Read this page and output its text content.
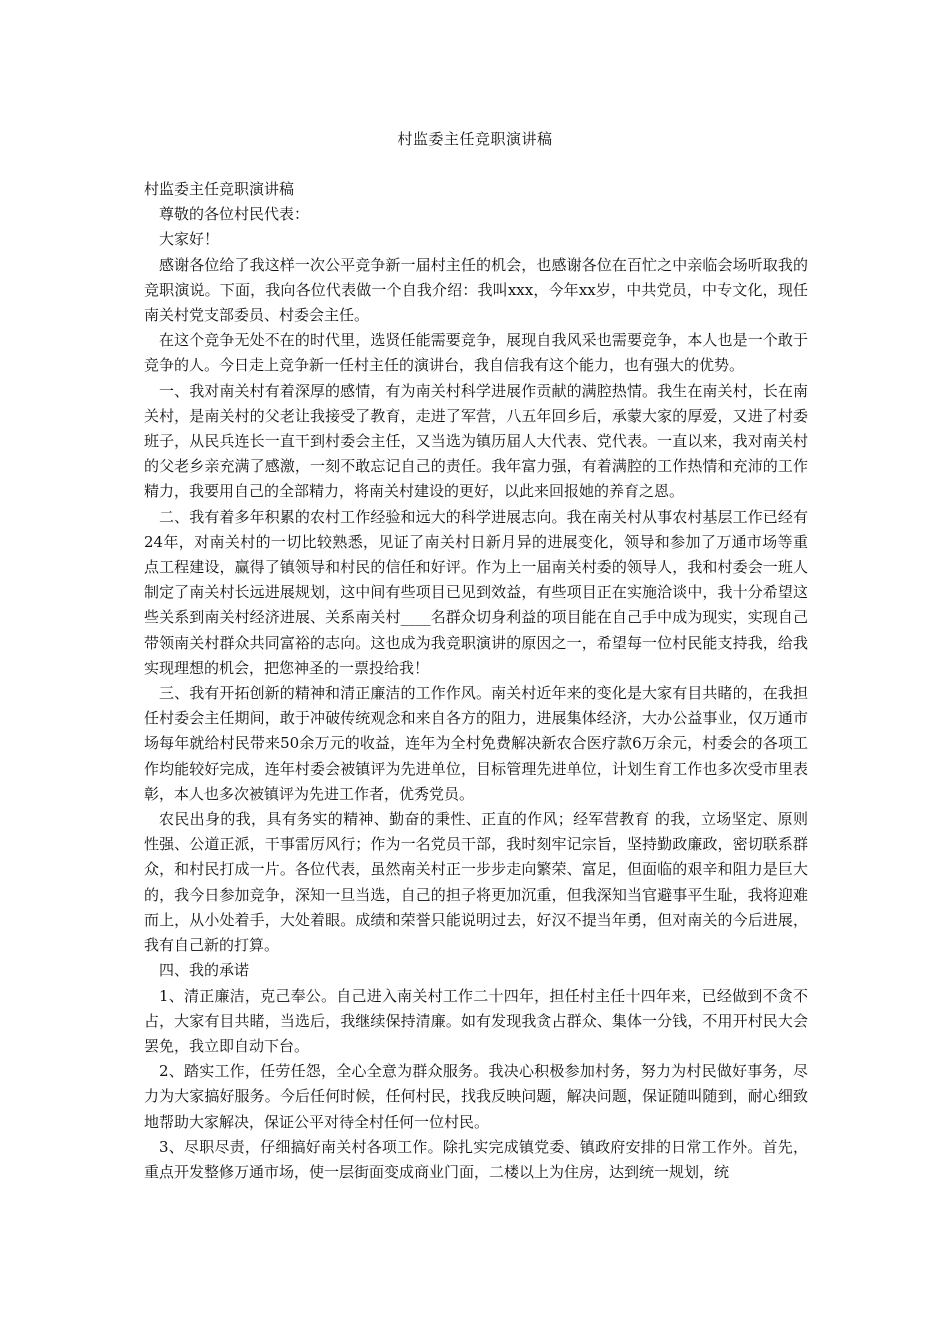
村监委主任竞职演讲稿

村监委主任竞职演讲稿

尊敬的各位村民代表：

大家好！

感谢各位给了我这样一次公平竞争新一届村主任的机会，也感谢各位在百忙之中亲临会场听取我的竞职演说。下面，我向各位代表做一个自我介绍：我叫xxx，今年xx岁，中共党员，中专文化，现任南关村党支部委员、村委会主任。

在这个竞争无处不在的时代里，选贤任能需要竞争，展现自我风采也需要竞争，本人也是一个敢于竞争的人。今日走上竞争新一任村主任的演讲台，我自信我有这个能力，也有强大的优势。

一、我对南关村有着深厚的感情，有为南关村科学进展作贡献的满腔热情。我生在南关村，长在南关村，是南关村的父老让我接受了教育，走进了军营，八五年回乡后，承蒙大家的厚爱，又进了村委班子，从民兵连长一直干到村委会主任，又当选为镇历届人大代表、党代表。一直以来，我对南关村的父老乡亲充满了感激，一刻不敢忘记自己的责任。我年富力强，有着满腔的工作热情和充沛的工作精力，我要用自己的全部精力，将南关村建设的更好，以此来回报她的养育之恩。

二、我有着多年积累的农村工作经验和远大的科学进展志向。我在南关村从事农村基层工作已经有24年，对南关村的一切比较熟悉，见证了南关村日新月异的进展变化，领导和参加了万通市场等重点工程建设，赢得了镇领导和村民的信任和好评。作为上一届南关村委的领导人，我和村委会一班人制定了南关村长远进展规划，这中间有些项目已见到效益，有些项目正在实施洽谈中，我十分希望这些关系到南关村经济进展、关系南关村____名群众切身利益的项目能在自己手中成为现实，实现自己带领南关村群众共同富裕的志向。这也成为我竞职演讲的原因之一，希望每一位村民能支持我，给我实现理想的机会，把您神圣的一票投给我！

三、我有开拓创新的精神和清正廉洁的工作作风。南关村近年来的变化是大家有目共睹的，在我担任村委会主任期间，敢于冲破传统观念和来自各方的阻力，进展集体经济，大办公益事业，仅万通市场每年就给村民带来50余万元的收益，连年为全村免费解决新农合医疗款6万余元，村委会的各项工作均能较好完成，连年村委会被镇评为先进单位，目标管理先进单位，计划生育工作也多次受市里表彰，本人也多次被镇评为先进工作者，优秀党员。

农民出身的我，具有务实的精神、勤奋的秉性、正直的作风；经军营教育 的我，立场坚定、原则性强、公道正派，干事雷厉风行；作为一名党员干部，我时刻牢记宗旨，坚持勤政廉政，密切联系群众，和村民打成一片。各位代表，虽然南关村正一步步走向繁荣、富足，但面临的艰辛和阻力是巨大的，我今日参加竞争，深知一旦当选，自己的担子将更加沉重，但我深知当官避事平生耻，我将迎难而上，从小处着手，大处着眼。成绩和荣誉只能说明过去，好汉不提当年勇，但对南关的今后进展，我有自己新的打算。

四、我的承诺

1、清正廉洁，克己奉公。自己进入南关村工作二十四年，担任村主任十四年来，已经做到不贪不占，大家有目共睹，当选后，我继续保持清廉。如有发现我贪占群众、集体一分钱，不用开村民大会罢免，我立即自动下台。

2、踏实工作，任劳任怨，全心全意为群众服务。我决心积极参加村务，努力为村民做好事务，尽力为大家搞好服务。今后任何时候，任何村民，找我反映问题，解决问题，保证随叫随到，耐心细致地帮助大家解决，保证公平对待全村任何一位村民。

3、尽职尽责，仔细搞好南关村各项工作。除扎实完成镇党委、镇政府安排的日常工作外。首先，重点开发整修万通市场，使一层街面变成商业门面，二楼以上为住房，达到统一规划，统
